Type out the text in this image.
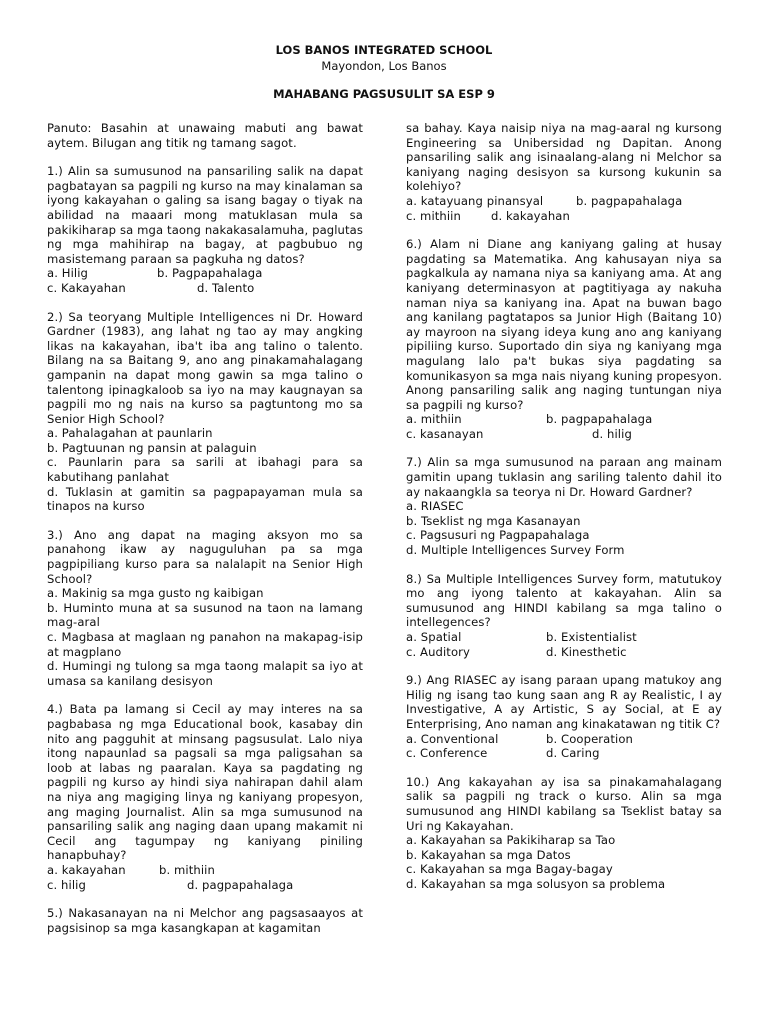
LOS BANOS INTEGRATED SCHOOL
Mayondon, Los Banos
MAHABANG PAGSUSULIT SA ESP 9

Panuto: Basahin at unawaing mabuti ang bawat aytem. Bilugan ang titik ng tamang sagot.

1.) Alin sa sumusunod na pansariling salik na dapat pagbatayan sa pagpili ng kurso na may kinalaman sa iyong kakayahan o galing sa isang bagay o tiyak na abilidad na maaari mong matuklasan mula sa pakikiharap sa mga taong nakakasalamuha, paglutas ng mga mahihirap na bagay, at pagbubuo ng masistemang paraan sa pagkuha ng datos?

a. Hilig	b. Pagpapahalaga
c. Kakayahan	d. Talento

2.) Sa teoryang Multiple Intelligences ni Dr. Howard Gardner (1983), ang lahat ng tao ay may angking likas na kakayahan, iba't iba ang talino o talento. Bilang na sa Baitang 9, ano ang pinakamahalagang gampanin na dapat mong gawin sa mga talino o talentong ipinagkaloob sa iyo na may kaugnayan sa pagpili mo ng nais na kurso sa pagtuntong mo sa Senior High School?

a. Pahalagahan at paunlarin

b. Pagtuunan ng pansin at palaguin

c. Paunlarin para sa sarili at ibahagi para sa kabutihang panlahat

d. Tuklasin at gamitin sa pagpapayaman mula sa tinapos na kurso

3.) Ano ang dapat na maging aksyon mo sa panahong ikaw ay naguguluhan pa sa mga pagpipiliang kurso para sa nalalapit na Senior High School?

a. Makinig sa mga gusto ng kaibigan

b. Huminto muna at sa susunod na taon na lamang mag-aral

c. Magbasa at maglaan ng panahon na makapag-isip at magplano

d. Humingi ng tulong sa mga taong malapit sa iyo at umasa sa kanilang desisyon

4.) Bata pa lamang si Cecil ay may interes na sa pagbabasa ng mga Educational book, kasabay din nito ang pagguhit at minsang pagsusulat. Lalo niya itong napaunlad sa pagsali sa mga paligsahan sa loob at labas ng paaralan. Kaya sa pagdating ng pagpili ng kurso ay hindi siya nahirapan dahil alam na niya ang magiging linya ng kaniyang propesyon, ang maging Journalist. Alin sa mga sumusunod na pansariling salik ang naging daan upang makamit ni Cecil ang tagumpay ng kaniyang piniling hanapbuhay?

a. kakayahan	b. mithiin
c. hilig	d. pagpapahalaga

5.) Nakasanayan na ni Melchor ang pagsasaayos at pagsisinop sa mga kasangkapan at kagamitan

sa bahay. Kaya naisip niya na mag-aaral ng kursong Engineering sa Unibersidad ng Dapitan. Anong pansariling salik ang isinaalang-alang ni Melchor sa kaniyang naging desisyon sa kursong kukunin sa kolehiyo?

a. katayuang pinansyal	b. pagpapahalaga
c. mithiin	d. kakayahan

6.) Alam ni Diane ang kaniyang galing at husay pagdating sa Matematika. Ang kahusayan niya sa pagkalkula ay namana niya sa kaniyang ama. At ang kaniyang determinasyon at pagtitiyaga ay nakuha naman niya sa kaniyang ina. Apat na buwan bago ang kanilang pagtatapos sa Junior High (Baitang 10) ay mayroon na siyang ideya kung ano ang kaniyang pipiliing kurso. Suportado din siya ng kaniyang mga magulang lalo pa't bukas siya pagdating sa komunikasyon sa mga nais niyang kuning propesyon. Anong pansariling salik ang naging tuntungan niya sa pagpili ng kurso?

a. mithiin	b. pagpapahalaga
c. kasanayan	d. hilig

7.) Alin sa mga sumusunod na paraan ang mainam gamitin upang tuklasin ang sariling talento dahil ito ay nakaangkla sa teorya ni Dr. Howard Gardner?

a. RIASEC

b. Tseklist ng mga Kasanayan

c. Pagsusuri ng Pagpapahalaga

d. Multiple Intelligences Survey Form

8.) Sa Multiple Intelligences Survey form, matutukoy mo ang iyong talento at kakayahan. Alin sa sumusunod ang HINDI kabilang sa mga talino o intellegences?

a. Spatial	b. Existentialist
c. Auditory	d. Kinesthetic

9.) Ang RIASEC ay isang paraan upang matukoy ang Hilig ng isang tao kung saan ang R ay Realistic, I ay Investigative, A ay Artistic, S ay Social, at E ay Enterprising, Ano naman ang kinakatawan ng titik C?

a. Conventional	b. Cooperation
c. Conference	d. Caring

10.) Ang kakayahan ay isa sa pinakamahalagang salik sa pagpili ng track o kurso. Alin sa mga sumusunod ang HINDI kabilang sa Tseklist batay sa Uri ng Kakayahan.

a. Kakayahan sa Pakikiharap sa Tao

b. Kakayahan sa mga Datos

c. Kakayahan sa mga Bagay-bagay

d. Kakayahan sa mga solusyon sa problema
